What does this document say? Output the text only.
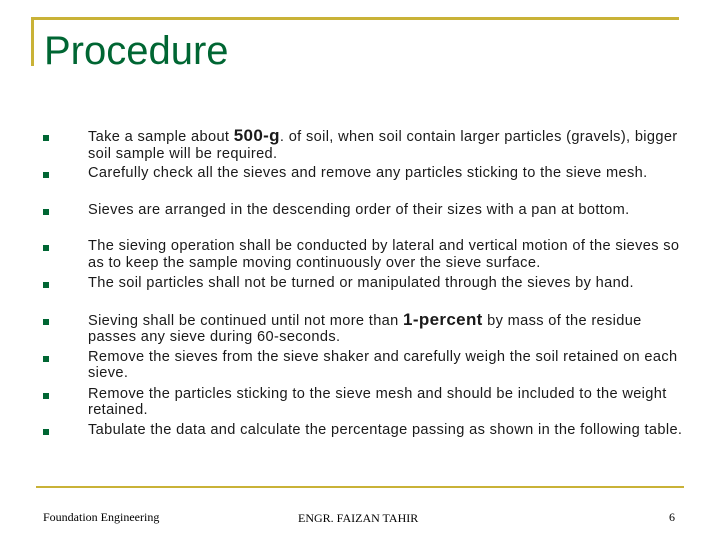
Procedure
Take a sample about 500-g. of soil, when soil contain larger particles (gravels), bigger soil sample will be required.
Carefully check all the sieves and remove any particles sticking to the sieve mesh.
Sieves are arranged in the descending order of their sizes with a pan at bottom.
The sieving operation shall be conducted by lateral and vertical motion of the sieves so as to keep the sample moving continuously over the sieve surface.
The soil particles shall not be turned or manipulated through the sieves by hand.
Sieving shall be continued until not more than 1-percent by mass of the residue passes any sieve during 60-seconds.
Remove the sieves from the sieve shaker and carefully weigh the soil retained on each sieve.
Remove the particles sticking to the sieve mesh and should be included to the weight retained.
Tabulate the data and calculate the percentage passing as shown in the following table.
Foundation Engineering	ENGR. FAIZAN TAHIR	6
